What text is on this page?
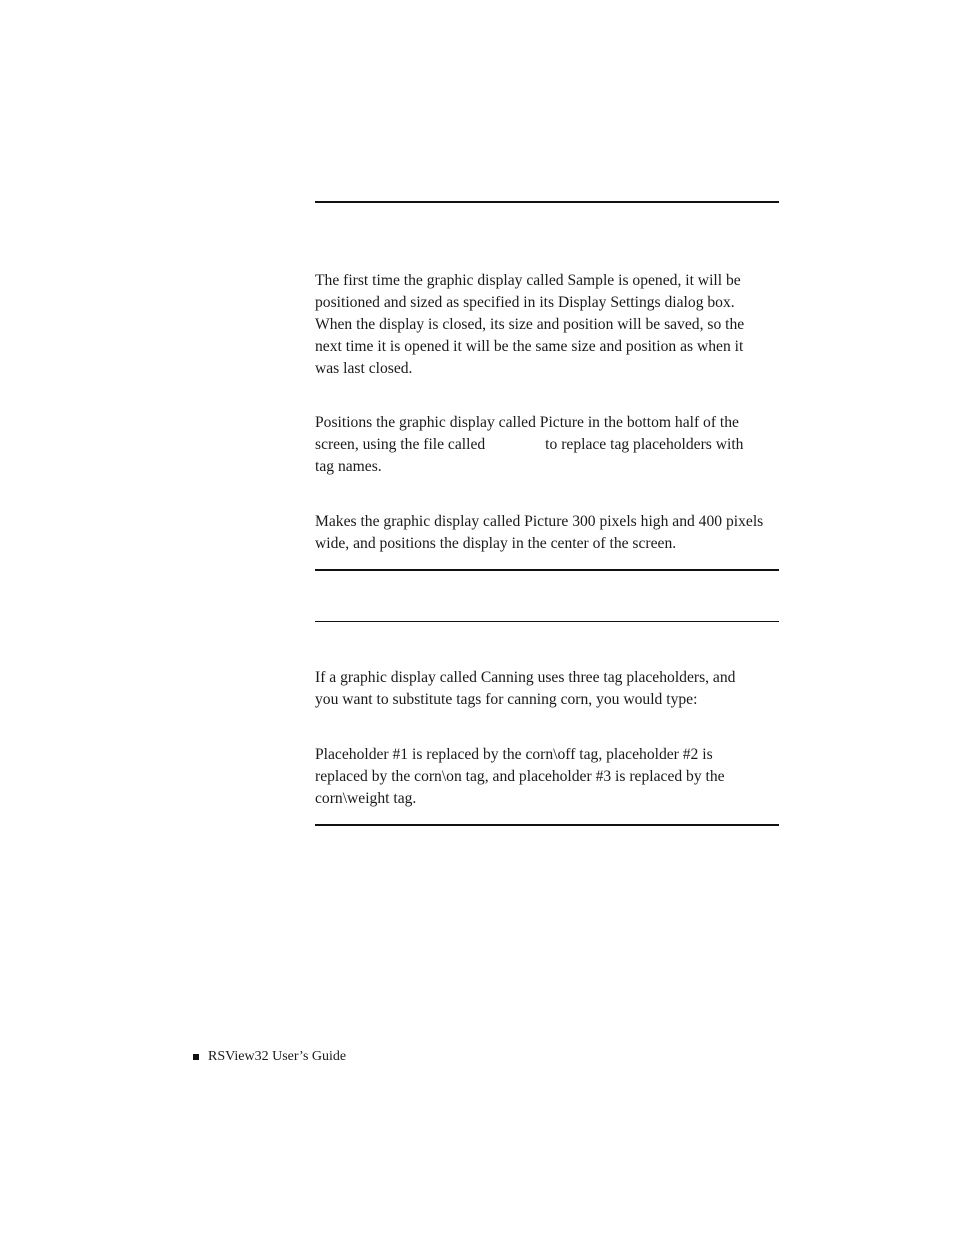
The first time the graphic display called Sample is opened, it will be
positioned and sized as specified in its Display Settings dialog box.
When the display is closed, its size and position will be saved, so the
next time it is opened it will be the same size and position as when it
was last closed.

Positions the graphic display called Picture in the bottom half of the
screen, using the file called	to replace tag placeholders with
tag names.

Makes the graphic display called Picture 300 pixels high and 400 pixels
wide, and positions the display in the center of the screen.

If a graphic display called Canning uses three tag placeholders, and
you want to substitute tags for canning corn, you would type:

Placeholder #1 is replaced by the corn\off tag, placeholder #2 is
replaced by the corn\on tag, and placeholder #3 is replaced by the
corn\weight tag.

RSView32 User’s Guide
